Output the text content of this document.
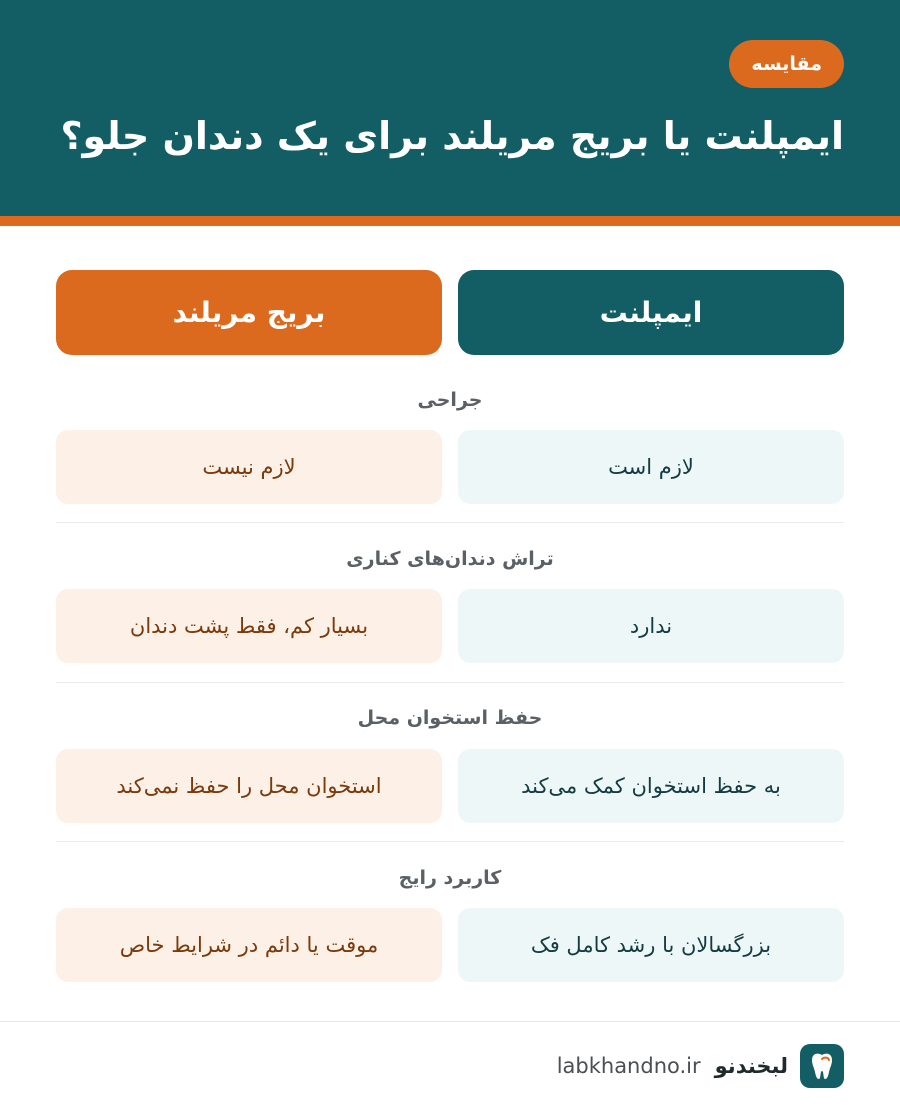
مقایسه
ایمپلنت یا بریج مریلند برای یک دندان جلو؟
ایمپلنت
بریج مریلند
جراحی
لازم است
لازم نیست
تراش دندان‌های کناری
ندارد
بسیار کم، فقط پشت دندان
حفظ استخوان محل
به حفظ استخوان کمک می‌کند
استخوان محل را حفظ نمی‌کند
کاربرد رایج
بزرگسالان با رشد کامل فک
موقت یا دائم در شرایط خاص
لبخندنو
labkhandno.ir
